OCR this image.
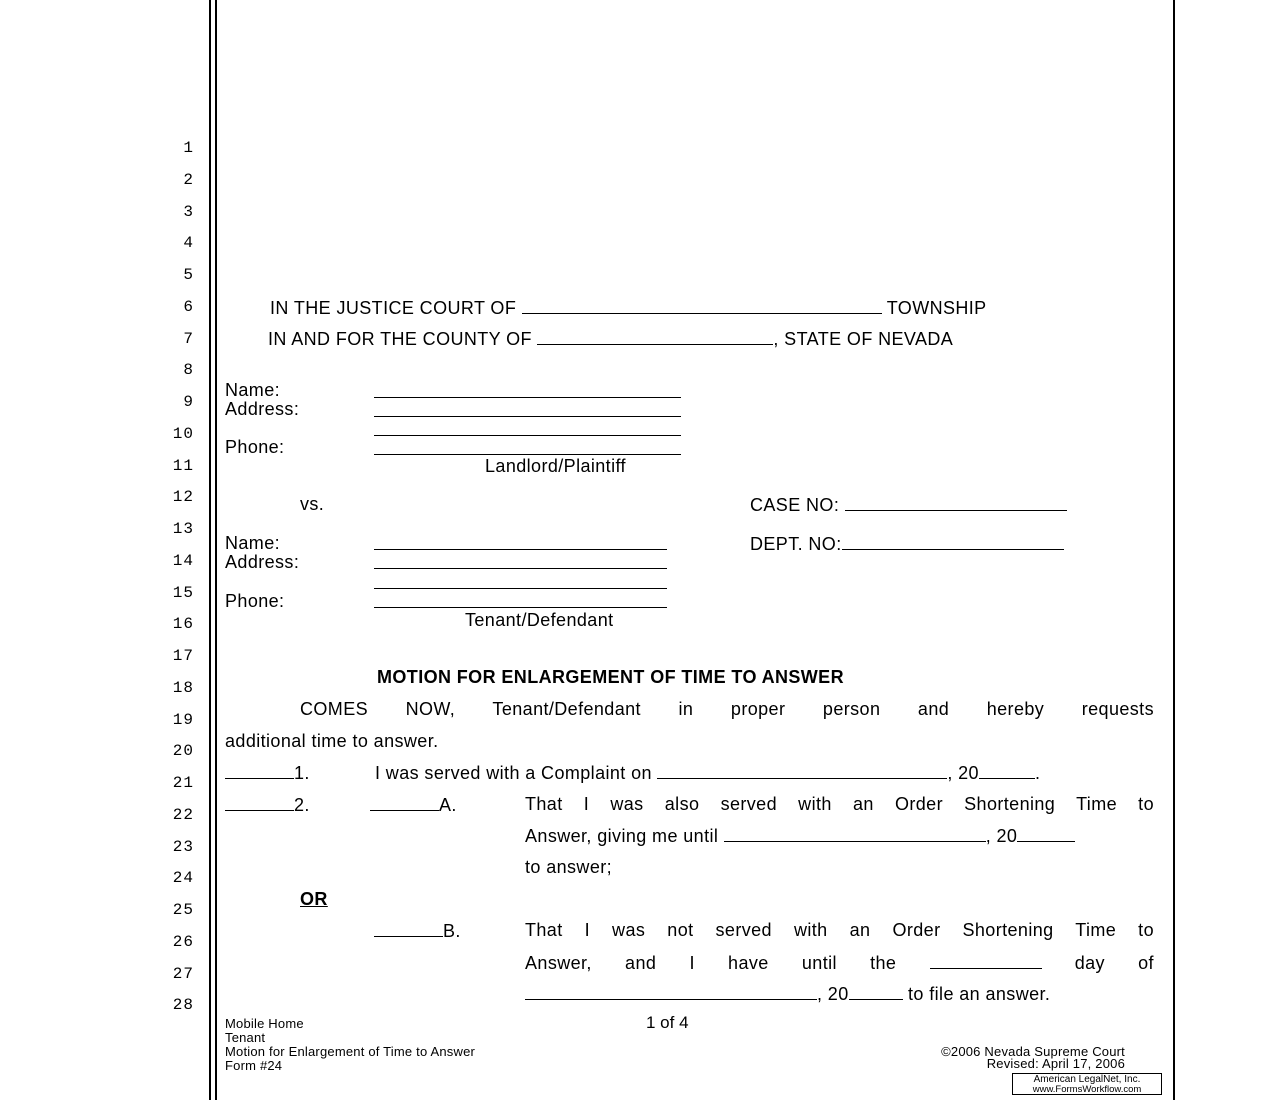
1
2
3
4
5
6
7
8
9
10
11
12
13
14
15
16
17
18
19
20
21
22
23
24
25
26
27
28
IN THE JUSTICE COURT OF	TOWNSHIP
IN AND FOR THE COUNTY OF	, STATE OF NEVADA
Name:
Address:
Phone:
Landlord/Plaintiff
vs.	CASE NO:
DEPT. NO:
Name:
Address:
Phone:
Tenant/Defendant
MOTION FOR ENLARGEMENT OF TIME TO ANSWER
COMES NOW, Tenant/Defendant in proper person and hereby requests
additional time to answer.
1.	I was served with a Complaint on	, 20	.
2.	A.	That I was also served with an Order Shortening Time to
Answer, giving me until	, 20
to answer;
OR
B.	That I was not served with an Order Shortening Time to
Answer, and I have until the	day of
, 20	to file an answer.
Mobile Home
Tenant
Motion for Enlargement of Time to Answer
Form #24
1 of 4
©2006 Nevada Supreme Court
Revised: April 17, 2006
American LegalNet, Inc.
www.FormsWorkflow.com
